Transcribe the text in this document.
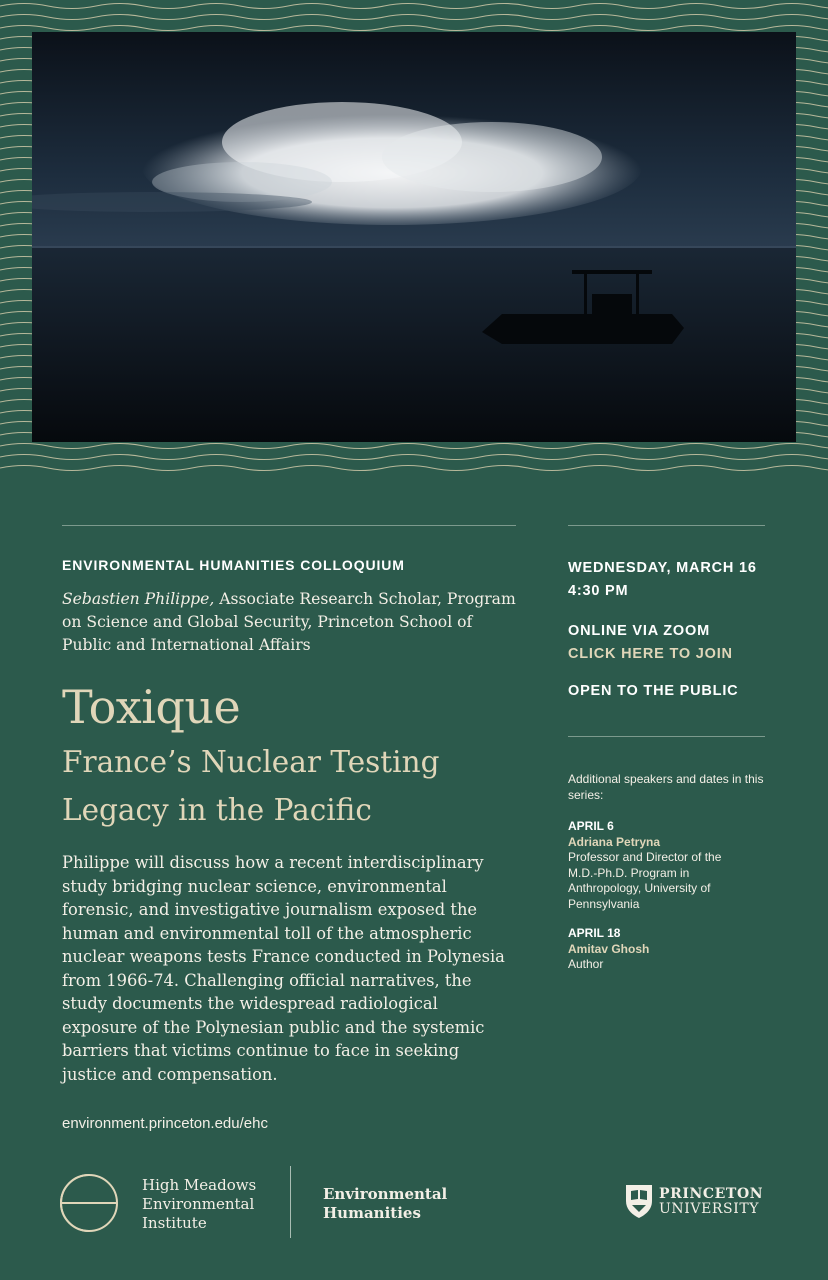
ENVIRONMENTAL HUMANITIES COLLOQUIUM
Sebastien Philippe, Associate Research Scholar, Program on Science and Global Security, Princeton School of Public and International Affairs
Toxique
France’s Nuclear Testing Legacy in the Pacific
Philippe will discuss how a recent interdisciplinary study bridging nuclear science, environmental forensic, and investigative journalism exposed the human and environmental toll of the atmospheric nuclear weapons tests France conducted in Polynesia from 1966-74. Challenging official narratives, the study documents the widespread radiological exposure of the Polynesian public and the systemic barriers that victims continue to face in seeking justice and compensation.
environment.princeton.edu/ehc
WEDNESDAY, MARCH 16
4:30 PM
ONLINE VIA ZOOM
CLICK HERE TO JOIN
OPEN TO THE PUBLIC
Additional speakers and dates in this series:
APRIL 6
Adriana Petryna
Professor and Director of the M.D.-Ph.D. Program in Anthropology, University of Pennsylvania
APRIL 18
Amitav Ghosh
Author
High Meadows
Environmental
Institute
Environmental
Humanities
PRINCETON
UNIVERSITY
